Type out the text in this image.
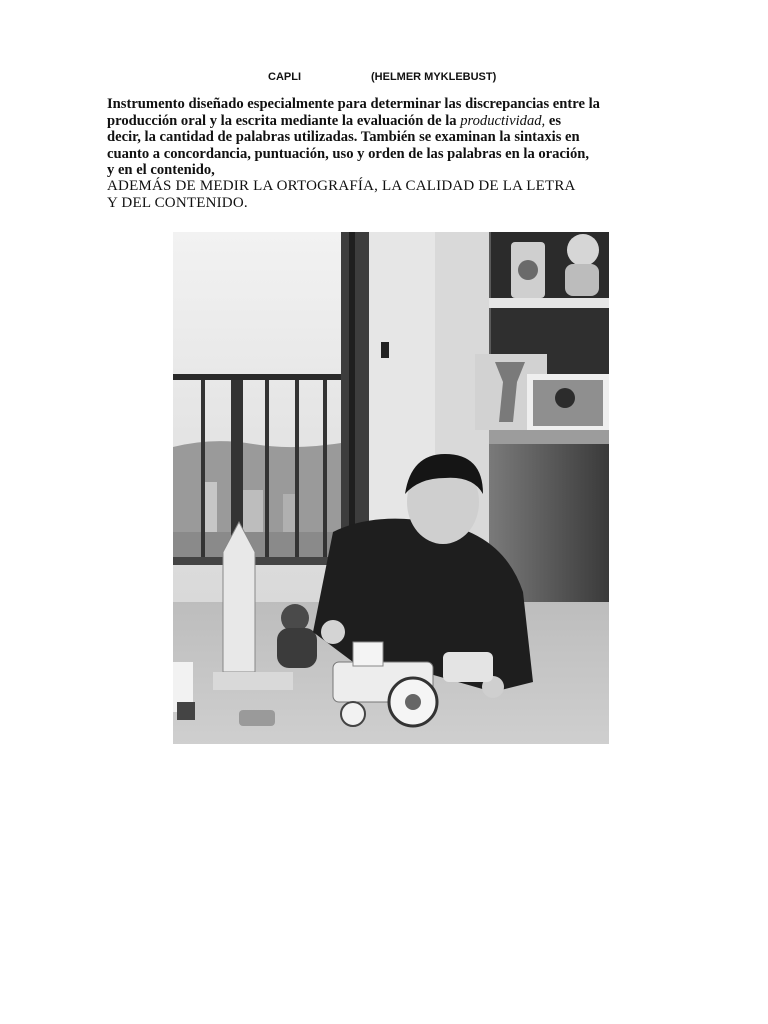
CAPLI	(HELMER MYKLEBUST)
Instrumento diseñado especialmente para determinar las discrepancias entre la
producción oral y la escrita mediante la evaluación de la productividad, es
decir, la cantidad de palabras utilizadas. También se examinan la sintaxis en
cuanto a concordancia, puntuación, uso y orden de las palabras en la oración,
y en el contenido,
ADEMÁS DE MEDIR LA ORTOGRAFÍA, LA CALIDAD DE LA LETRA
Y DEL CONTENIDO.
